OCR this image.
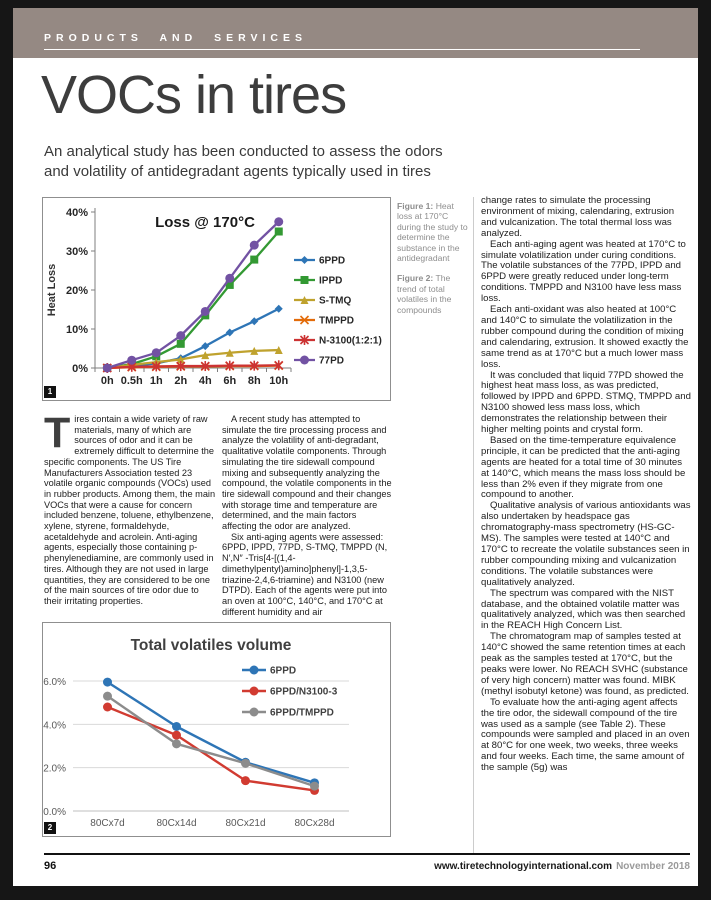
PRODUCTS AND SERVICES
VOCs in tires

An analytical study has been conducted to assess the odors
and volatility of antidegradant agents typically used in tires

0%
10%
20%
30%
40%
0h 0.5h 1h 2h 4h 6h 8h 10h
Loss @ 170°C
Heat Loss
6PPD
IPPD
S-TMQ
TMPPD
N-3100(1:2:1)
77PD
1

Figure 1: Heat loss at 170°C during the study to determine the substance in the antidegradant

Figure 2: The trend of total volatiles in the compounds

Tires contain a wide variety of raw materials, many of which are sources of odor and it can be extremely difficult to determine the specific components. The US Tire Manufacturers Association tested 23 volatile organic compounds (VOCs) used in rubber products. Among them, the main VOCs that were a cause for concern included benzene, toluene, ethylbenzene, xylene, styrene, formaldehyde, acetaldehyde and acrolein. Anti-aging agents, especially those containing p-phenylenediamine, are commonly used in tires. Although they are not used in large quantities, they are considered to be one of the main sources of tire odor due to their irritating properties.

A recent study has attempted to simulate the tire processing process and analyze the volatility of anti-degradant, qualitative volatile components. Through simulating the tire sidewall compound mixing and subsequently analyzing the compound, the volatile components in the tire sidewall compound and their changes with storage time and temperature are determined, and the main factors affecting the odor are analyzed.

Six anti-aging agents were assessed: 6PPD, IPPD, 77PD, S-TMQ, TMPPD (N, N′,N″ -Tris[4-[(1,4-dimethylpentyl)amino]phenyl]-1,3,5-triazine-2,4,6-triamine) and N3100 (new DTPD). Each of the agents were put into an oven at 100°C, 140°C, and 170°C at different humidity and air

change rates to simulate the processing environment of mixing, calendaring, extrusion and vulcanization. The total thermal loss was analyzed.

Each anti-aging agent was heated at 170°C to simulate volatilization under curing conditions. The volatile substances of the 77PD, IPPD and 6PPD were greatly reduced under long-term conditions. TMPPD and N3100 have less mass loss.

Each anti-oxidant was also heated at 100°C and 140°C to simulate the volatilization in the rubber compound during the condition of mixing and calendaring, extrusion. It showed exactly the same trend as at 170°C but a much lower mass loss.

It was concluded that liquid 77PD showed the highest heat mass loss, as was predicted, followed by IPPD and 6PPD. STMQ, TMPPD and N3100 showed less mass loss, which demonstrates the relationship between their higher melting points and crystal form.

Based on the time-temperature equivalence principle, it can be predicted that the anti-aging agents are heated for a total time of 30 minutes at 140°C, which means the mass loss should be less than 2% even if they migrate from one compound to another.

Qualitative analysis of various antioxidants was also undertaken by headspace gas chromatography-mass spectrometry (HS-GC-MS). The samples were tested at 140°C and 170°C to recreate the volatile substances seen in rubber compounding mixing and vulcanization conditions. The volatile substances were qualitatively analyzed.

The spectrum was compared with the NIST database, and the obtained volatile matter was qualitatively analyzed, which was then searched in the REACH High Concern List.

The chromatogram map of samples tested at 140°C showed the same retention times at each peak as the samples tested at 170°C, but the peaks were lower. No REACH SVHC (substance of very high concern) matter was found. MIBK (methyl isobutyl ketone) was found, as predicted.

To evaluate how the anti-aging agent affects the tire odor, the sidewall compound of the tire was used as a sample (see Table 2). These compounds were sampled and placed in an oven at 80°C for one week, two weeks, three weeks and four weeks. Each time, the same amount of the sample (5g) was

0.0%
2.0%
4.0%
6.0%
80Cx7d	80Cx14d	80Cx21d	80Cx28d
Total volatiles volume
6PPD
6PPD/N3100-3
6PPD/TMPPD
2
96	www.tiretechnologyinternational.com November 2018
